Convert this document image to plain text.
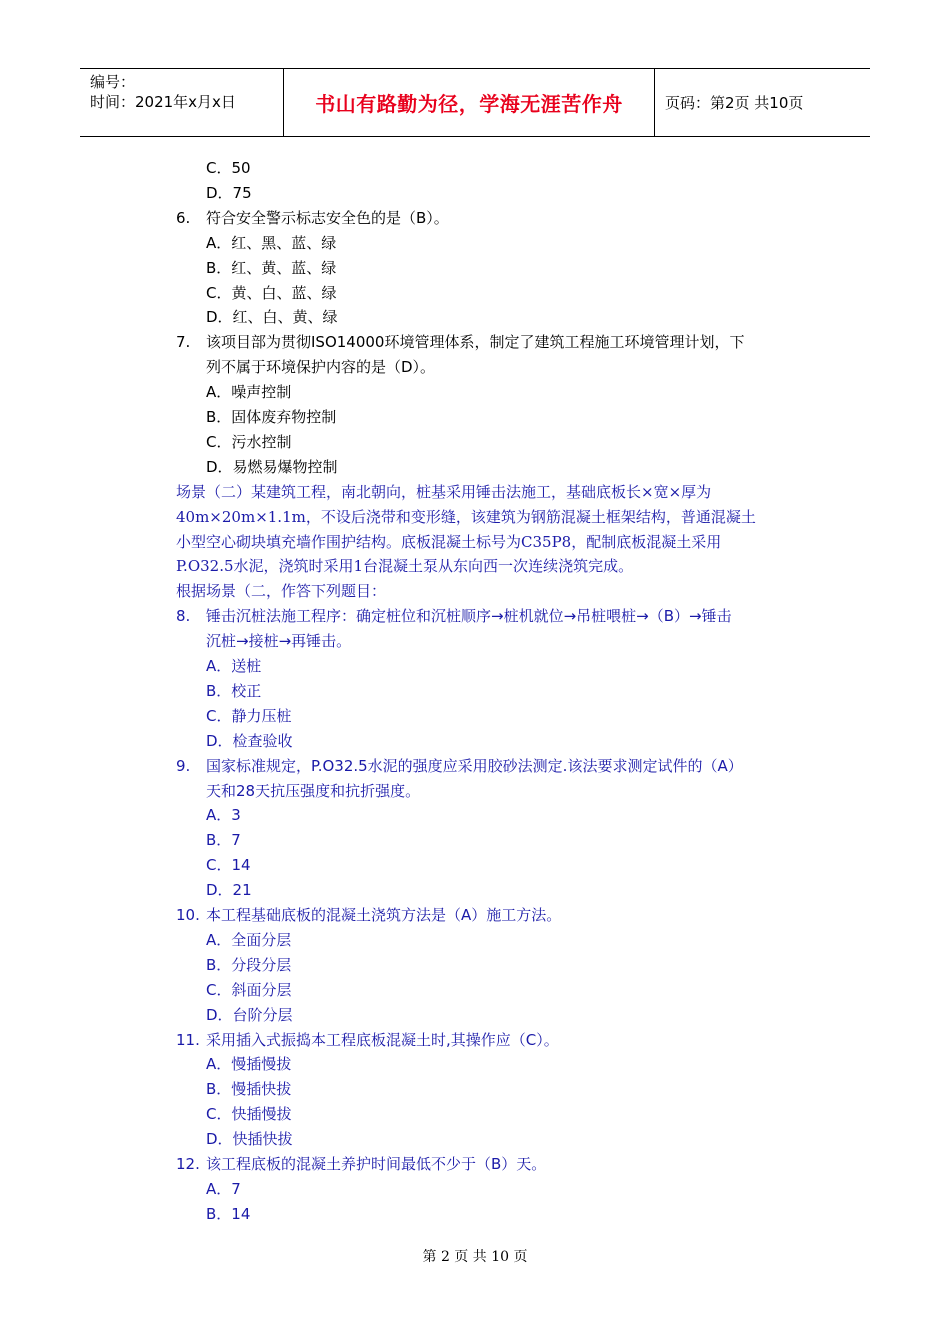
编号：
时间：2021年x月x日	书山有路勤为径，学海无涯苦作舟	页码：第2页 共10页
C．50
D．75
6. 符合安全警示标志安全色的是（B）。
A．红、黑、蓝、绿
B．红、黄、蓝、绿
C．黄、白、蓝、绿
D．红、白、黄、绿
7. 该项目部为贯彻ISO14000环境管理体系，制定了建筑工程施工环境管理计划，下
列不属于环境保护内容的是（D）。
A．噪声控制
B．固体废弃物控制
C．污水控制
D．易燃易爆物控制
场景（二）某建筑工程，南北朝向，桩基采用锤击法施工，基础底板长×宽×厚为
40m×20m×1.1m，不设后浇带和变形缝，该建筑为钢筋混凝土框架结构，普通混凝土
小型空心砌块填充墙作围护结构。底板混凝土标号为C35P8，配制底板混凝土采用
P.O32.5水泥，浇筑时采用1台混凝土泵从东向西一次连续浇筑完成。
根据场景（二，作答下列题目：
8. 锤击沉桩法施工程序：确定桩位和沉桩顺序→桩机就位→吊桩喂桩→（B）→锤击
沉桩→接桩→再锤击。
A．送桩
B．校正
C．静力压桩
D．检查验收
9. 国家标准规定，P.O32.5水泥的强度应采用胶砂法测定.该法要求测定试件的（A）
天和28天抗压强度和抗折强度。
A．3
B．7
C．14
D．21
10. 本工程基础底板的混凝土浇筑方法是（A）施工方法。
A．全面分层
B．分段分层
C．斜面分层
D．台阶分层
11. 采用插入式振捣本工程底板混凝土时,其操作应（C）。
A．慢插慢拔
B．慢插快拔
C．快插慢拔
D．快插快拔
12. 该工程底板的混凝土养护时间最低不少于（B）天。
A．7
B．14
第 2 页 共 10 页
